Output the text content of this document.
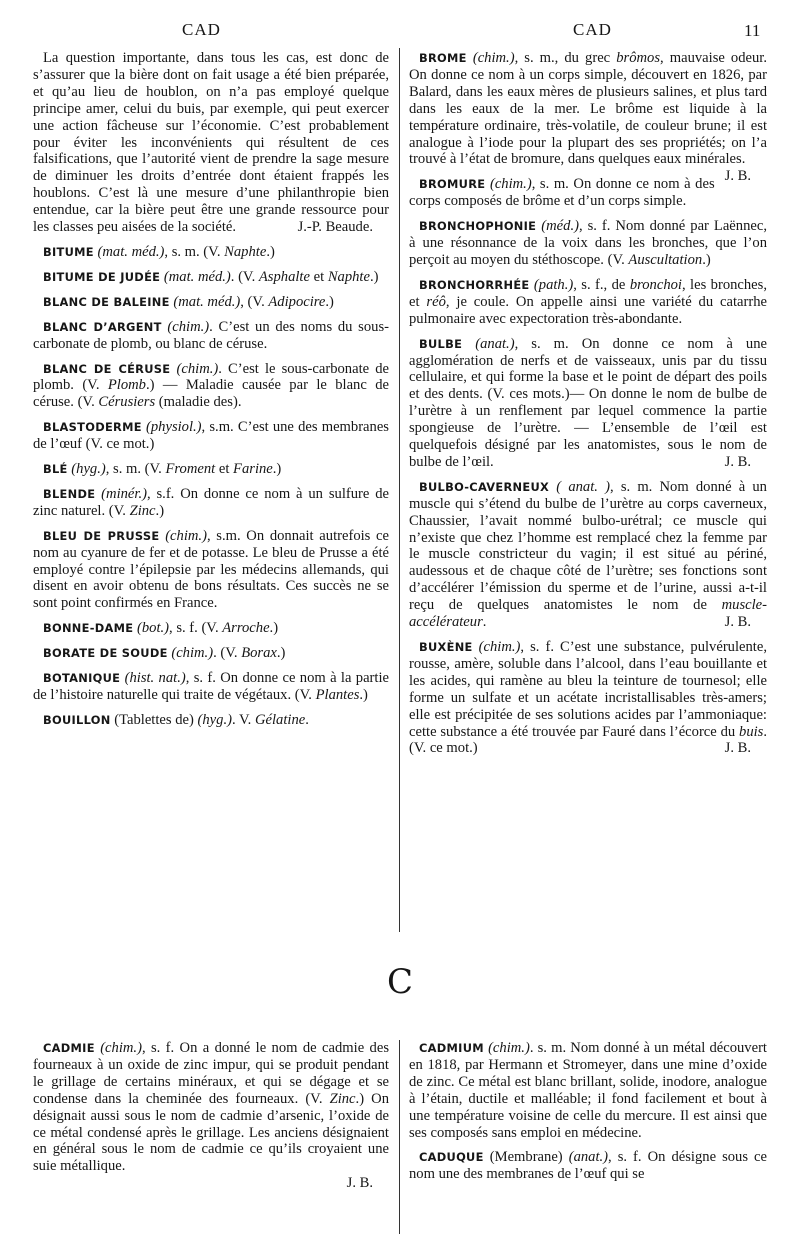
CAD	CAD	11

La question importante, dans tous les cas, est donc de s’assurer que la bière dont on fait usage a été bien préparée, et qu’au lieu de houblon, on n’a pas employé quelque principe amer, celui du buis, par exemple, qui peut exercer une action fâcheuse sur l’économie. C’est probablement pour éviter les inconvénients qui résultent de ces falsifications, que l’autorité vient de prendre la sage mesure de diminuer les droits d’entrée dont étaient frappés les houblons. C’est là une mesure d’une philanthropie bien entendue, car la bière peut être une grande ressource pour les classes peu aisées de la société.	J.-P. Beaude.

BITUME (mat. méd.), s. m. (V. Naphte.)

BITUME DE JUDÉE (mat. méd.). (V. Asphalte et Naphte.)

BLANC DE BALEINE (mat. méd.), (V. Adipocire.)

BLANC D’ARGENT (chim.). C’est un des noms du sous-carbonate de plomb, ou blanc de céruse.

BLANC DE CÉRUSE (chim.). C’est le sous-carbonate de plomb. (V. Plomb.) — Maladie causée par le blanc de céruse. (V. Cérusiers (maladie des).

BLASTODERME (physiol.), s.m. C’est une des membranes de l’œuf (V. ce mot.)

BLÉ (hyg.), s. m. (V. Froment et Farine.)

BLENDE (minér.), s.f. On donne ce nom à un sulfure de zinc naturel. (V. Zinc.)

BLEU DE PRUSSE (chim.), s.m. On donnait autrefois ce nom au cyanure de fer et de potasse. Le bleu de Prusse a été employé contre l’épilepsie par les médecins allemands, qui disent en avoir obtenu de bons résultats. Ces succès ne se sont point confirmés en France.

BONNE-DAME (bot.), s. f. (V. Arroche.)

BORATE DE SOUDE (chim.). (V. Borax.)

BOTANIQUE (hist. nat.), s. f. On donne ce nom à la partie de l’histoire naturelle qui traite de végétaux. (V. Plantes.)

BOUILLON (Tablettes de) (hyg.). V. Gélatine.

BROME (chim.), s. m., du grec brômos, mauvaise odeur. On donne ce nom à un corps simple, découvert en 1826, par Balard, dans les eaux mères de plusieurs salines, et plus tard dans les eaux de la mer. Le brôme est liquide à la température ordinaire, très-volatile, de couleur brune; il est analogue à l’iode pour la plupart des ses propriétés; on l’a trouvé à l’état de bromure, dans quelques eaux minérales.
J. B.

BROMURE (chim.), s. m. On donne ce nom à des corps composés de brôme et d’un corps simple.

BRONCHOPHONIE (méd.), s. f. Nom donné par Laënnec, à une résonnance de la voix dans les bronches, que l’on perçoit au moyen du stéthoscope. (V. Auscultation.)

BRONCHORRHÉE (path.), s. f., de bronchoi, les bronches, et réô, je coule. On appelle ainsi une variété du catarrhe pulmonaire avec expectoration très-abondante.

BULBE (anat.), s. m. On donne ce nom à une agglomération de nerfs et de vaisseaux, unis par du tissu cellulaire, et qui forme la base et le point de départ des poils et des dents. (V. ces mots.)— On donne le nom de bulbe de l’urètre à un renflement par lequel commence la partie spongieuse de l’urètre. — L’ensemble de l’œil est quelquefois désigné par les anatomistes, sous le nom de bulbe de l’œil.	J. B.

BULBO-CAVERNEUX ( anat. ), s. m. Nom donné à un muscle qui s’étend du bulbe de l’urètre au corps caverneux, Chaussier, l’avait nommé bulbo-urétral; ce muscle qui n’existe que chez l’homme est remplacé chez la femme par le muscle constricteur du vagin; il est situé au périné, audessous et de chaque côté de l’urètre; ses fonctions sont d’accélérer l’émission du sperme et de l’urine, aussi a-t-il reçu de quelques anatomistes le nom de muscle-accélérateur.	J. B.

BUXÈNE (chim.), s. f. C’est une substance, pulvérulente, rousse, amère, soluble dans l’alcool, dans l’eau bouillante et les acides, qui ramène au bleu la teinture de tournesol; elle forme un sulfate et un acétate incristallisables très-amers; elle est précipitée de ses solutions acides par l’ammoniaque: cette substance a été trouvée par Fauré dans l’écorce du buis. (V. ce mot.)	J. B.

C

CADMIE (chim.), s. f. On a donné le nom de cadmie des fourneaux à un oxide de zinc impur, qui se produit pendant le grillage de certains minéraux, et qui se dégage et se condense dans la cheminée des fourneaux. (V. Zinc.) On désignait aussi sous le nom de cadmie d’arsenic, l’oxide de ce métal condensé après le grillage. Les anciens désignaient en général sous le nom de cadmie ce qu’ils croyaient une suie métallique.
J. B.

CADMIUM (chim.). s. m. Nom donné à un métal découvert en 1818, par Hermann et Stromeyer, dans une mine d’oxide de zinc. Ce métal est blanc brillant, solide, inodore, analogue à l’étain, ductile et malléable; il fond facilement et bout à une température voisine de celle du mercure. Il est ainsi que ses composés sans emploi en médecine.

CADUQUE (Membrane) (anat.), s. f. On désigne sous ce nom une des membranes de l’œuf qui se
